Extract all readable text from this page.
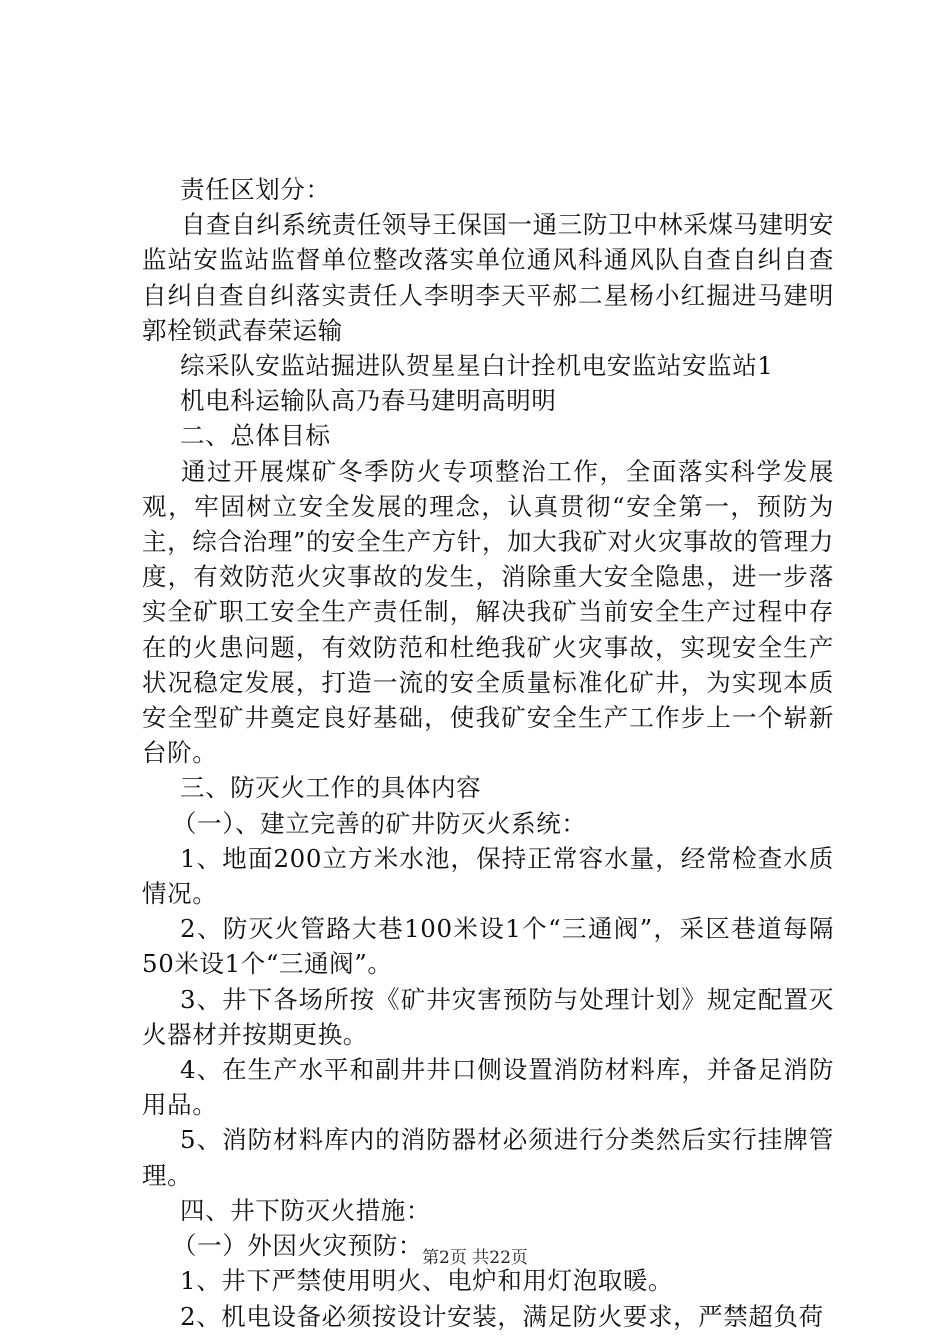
责任区划分：

自查自纠系统责任领导王保国一通三防卫中林采煤马建明安监站安监站监督单位整改落实单位通风科通风队自查自纠自查自纠自查自纠落实责任人李明李天平郝二星杨小红掘进马建明郭栓锁武春荣运输

综采队安监站掘进队贺星星白计拴机电安监站安监站1

机电科运输队高乃春马建明高明明

二、总体目标

通过开展煤矿冬季防火专项整治工作，全面落实科学发展观，牢固树立安全发展的理念，认真贯彻“安全第一，预防为主，综合治理”的安全生产方针，加大我矿对火灾事故的管理力度，有效防范火灾事故的发生，消除重大安全隐患，进一步落实全矿职工安全生产责任制，解决我矿当前安全生产过程中存在的火患问题，有效防范和杜绝我矿火灾事故，实现安全生产状况稳定发展，打造一流的安全质量标准化矿井，为实现本质安全型矿井奠定良好基础，使我矿安全生产工作步上一个崭新台阶。

三、防灭火工作的具体内容

（一）、建立完善的矿井防灭火系统：

1、地面200立方米水池，保持正常容水量，经常检查水质情况。

2、防灭火管路大巷100米设1个“三通阀”，采区巷道每隔50米设1个“三通阀”。

3、井下各场所按《矿井灾害预防与处理计划》规定配置灭火器材并按期更换。

4、在生产水平和副井井口侧设置消防材料库，并备足消防用品。

5、消防材料库内的消防器材必须进行分类然后实行挂牌管理。

四、井下防灭火措施：

（一）外因火灾预防：

1、井下严禁使用明火、电炉和用灯泡取暖。

2、机电设备必须按设计安装，满足防火要求，严禁超负荷

第2页 共22页
